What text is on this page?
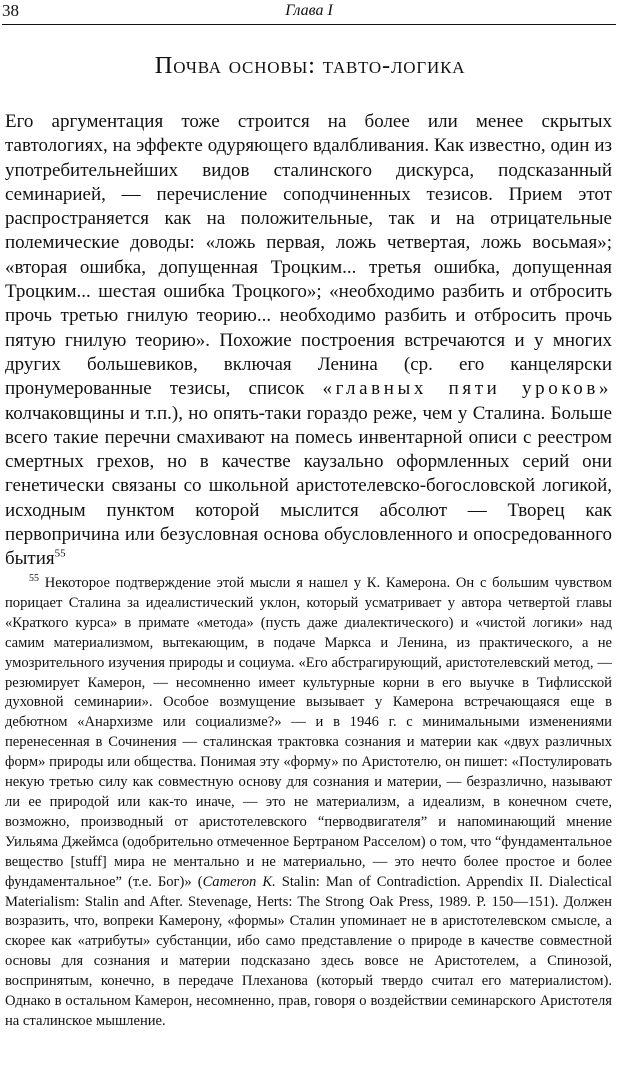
38	Глава I
Почва основы: тавто-логика

Его аргументация тоже строится на более или менее скрытых тавтологиях, на эффекте одуряющего вдалбливания. Как известно, один из употребительнейших видов сталинского дискурса, подсказанный семинарией, — перечисление соподчиненных тезисов. Прием этот распространяется как на положительные, так и на отрицательные полемические доводы: «ложь первая, ложь четвертая, ложь восьмая»; «вторая ошибка, допущенная Троцким... третья ошибка, допущенная Троцким... шестая ошибка Троцкого»; «необходимо разбить и отбросить прочь третью гнилую теорию... необходимо разбить и отбросить прочь пятую гнилую теорию». Похожие построения встречаются и у многих других большевиков, включая Ленина (ср. его канцелярски пронумерованные тезисы, список «главных пяти уроков» колчаковщины и т.п.), но опять-таки гораздо реже, чем у Сталина. Больше всего такие перечни смахивают на помесь инвентарной описи с реестром смертных грехов, но в качестве каузально оформленных серий они генетически связаны со школьной аристотелевско-богословской логикой, исходным пунктом которой мыслится абсолют — Творец как первопричина или безусловная основа обусловленного и опосредованного бытия$^{55}$

$^{55}$ Некоторое подтверждение этой мысли я нашел у К. Камерона. Он с большим чувством порицает Сталина за идеалистический уклон, который усматривает у автора четвертой главы «Краткого курса» в примате «метода» (пусть даже диалектического) и «чистой логики» над самим материализмом, вытекающим, в подаче Маркса и Ленина, из практического, а не умозрительного изучения природы и социума. «Его абстрагирующий, аристотелевский метод, — резюмирует Камерон, — несомненно имеет культурные корни в его выучке в Тифлисской духовной семинарии». Особое возмущение вызывает у Камерона встречающаяся еще в дебютном «Анархизме или социализме?» — и в 1946 г. с минимальными изменениями перенесенная в Сочинения — сталинская трактовка сознания и материи как «двух различных форм» природы или общества. Понимая эту «форму» по Аристотелю, он пишет: «Постулировать некую третью силу как совместную основу для сознания и материи, — безразлично, называют ли ее природой или как-то иначе, — это не материализм, а идеализм, в конечном счете, возможно, производный от аристотелевского “перводвигателя” и напоминающий мнение Уильяма Джеймса (одобрительно отмеченное Бертраном Расселом) о том, что “фундаментальное вещество [stuff] мира не ментально и не материально, — это нечто более простое и более фундаментальное” (т.е. Бог)» (Cameron K. Stalin: Man of Contradiction. Appendix II. Dialectical Materialism: Stalin and After. Stevenage, Herts: The Strong Oak Press, 1989. P. 150—151). Должен возразить, что, вопреки Камерону, «формы» Сталин упоминает не в аристотелевском смысле, а скорее как «атрибуты» субстанции, ибо само представление о природе в качестве совместной основы для сознания и материи подсказано здесь вовсе не Аристотелем, а Спинозой, воспринятым, конечно, в передаче Плеханова (который твердо считал его материалистом). Однако в остальном Камерон, несомненно, прав, говоря о воздействии семинарского Аристотеля на сталинское мышление.
